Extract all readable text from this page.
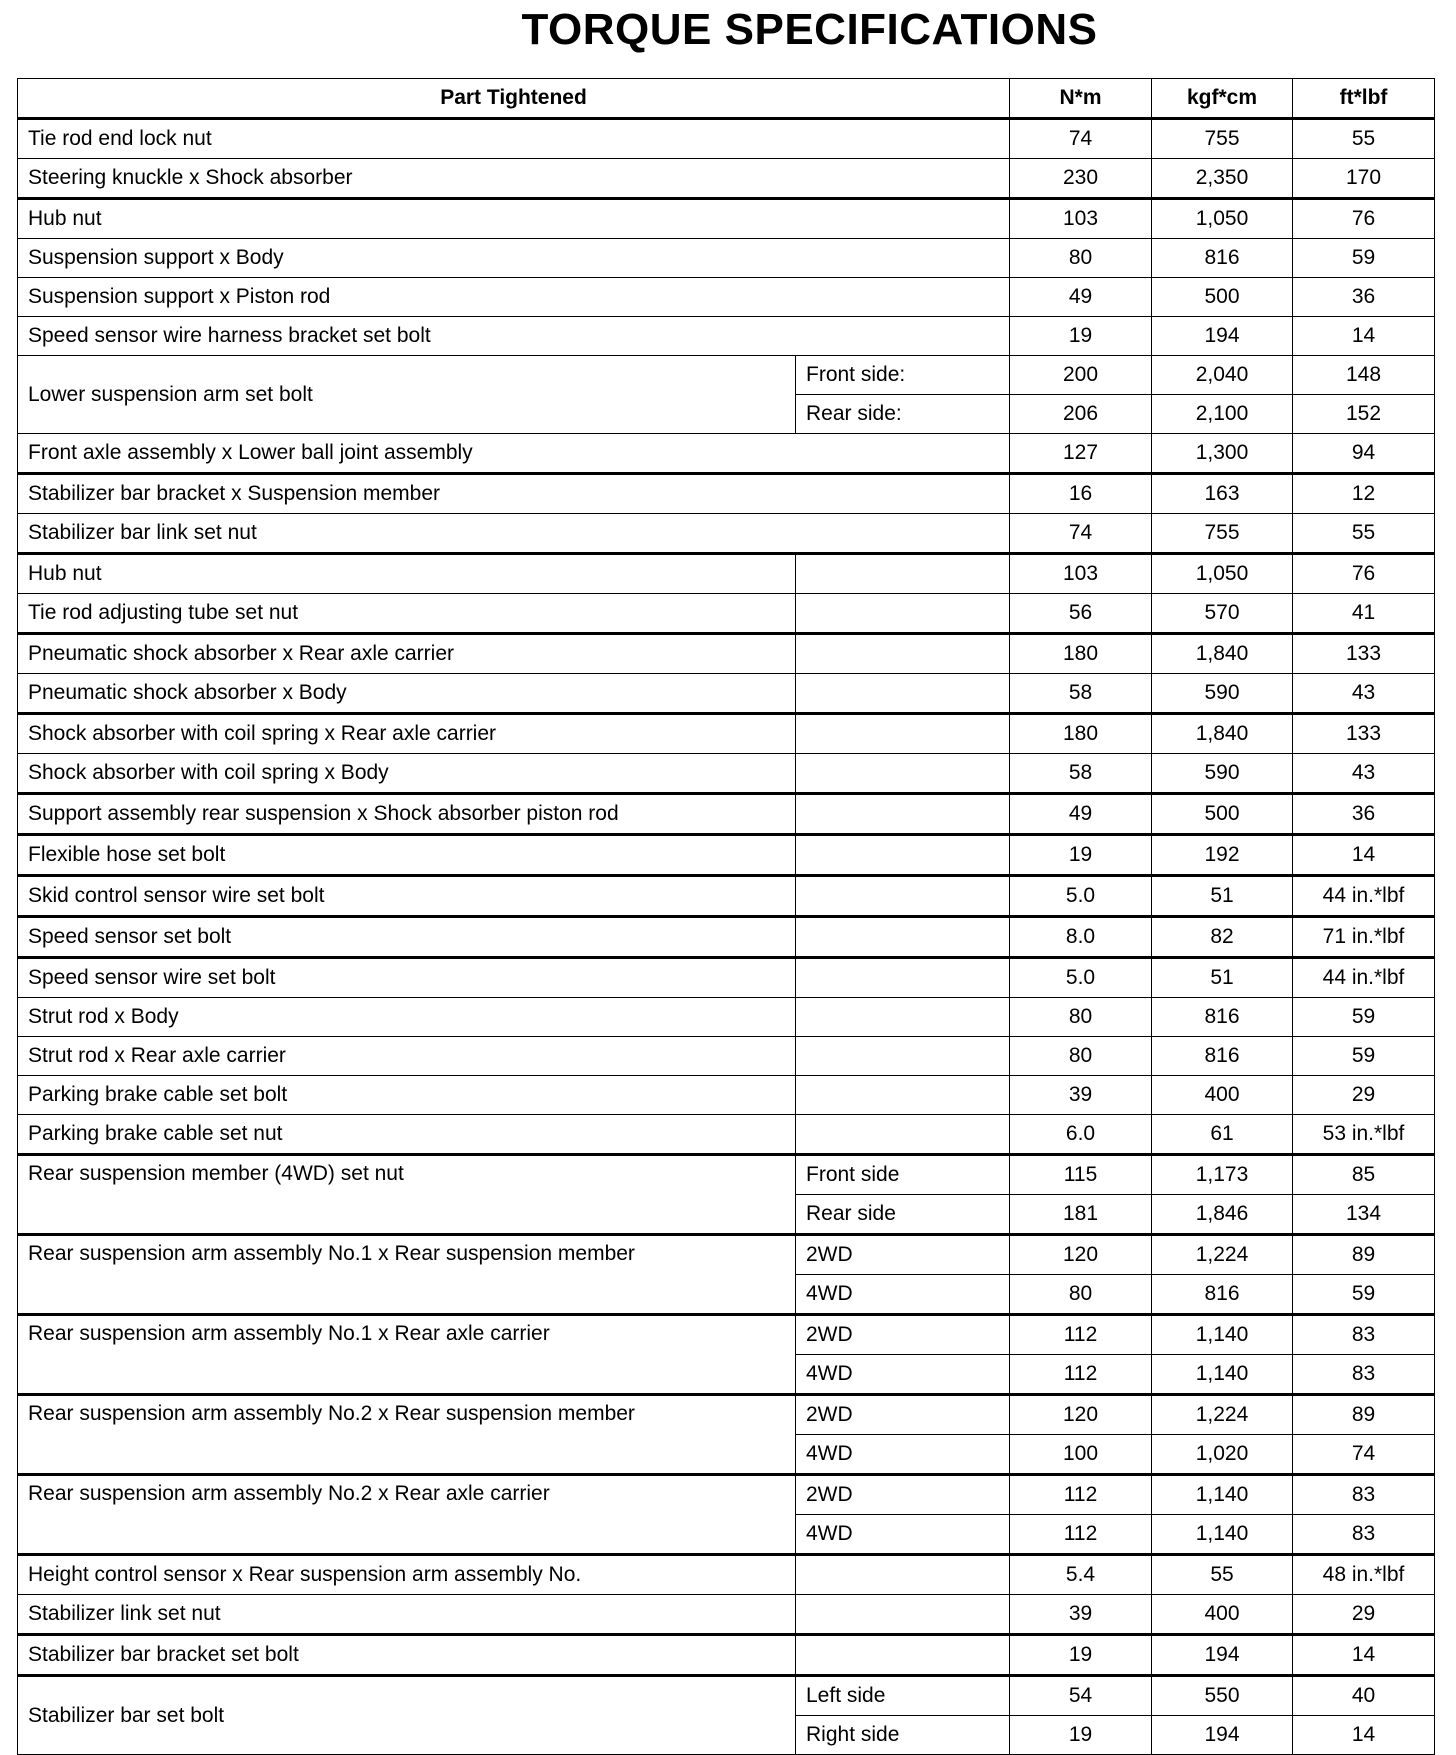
TORQUE SPECIFICATIONS
Part Tightened		N*m	kgf*cm	ft*lbf
Tie rod end lock nut		74	755	55
Steering knuckle x Shock absorber		230	2,350	170
Hub nut		103	1,050	76
Suspension support x Body		80	816	59
Suspension support x Piston rod		49	500	36
Speed sensor wire harness bracket set bolt		19	194	14
Lower suspension arm set bolt	Front side:	200	2,040	148
	Rear side:	206	2,100	152
Front axle assembly x Lower ball joint assembly		127	1,300	94
Stabilizer bar bracket x Suspension member		16	163	12
Stabilizer bar link set nut		74	755	55
Hub nut		103	1,050	76
Tie rod adjusting tube set nut		56	570	41
Pneumatic shock absorber x Rear axle carrier		180	1,840	133
Pneumatic shock absorber x Body		58	590	43
Shock absorber with coil spring x Rear axle carrier		180	1,840	133
Shock absorber with coil spring x Body		58	590	43
Support assembly rear suspension x Shock absorber piston rod		49	500	36
Flexible hose set bolt		19	192	14
Skid control sensor wire set bolt		5.0	51	44 in.*lbf
Speed sensor set bolt		8.0	82	71 in.*lbf
Speed sensor wire set bolt		5.0	51	44 in.*lbf
Strut rod x Body		80	816	59
Strut rod x Rear axle carrier		80	816	59
Parking brake cable set bolt		39	400	29
Parking brake cable set nut		6.0	61	53 in.*lbf
Rear suspension member (4WD) set nut	Front side	115	1,173	85
	Rear side	181	1,846	134
Rear suspension arm assembly No.1 x Rear suspension member	2WD	120	1,224	89
	4WD	80	816	59
Rear suspension arm assembly No.1 x Rear axle carrier	2WD	112	1,140	83
	4WD	112	1,140	83
Rear suspension arm assembly No.2 x Rear suspension member	2WD	120	1,224	89
	4WD	100	1,020	74
Rear suspension arm assembly No.2 x Rear axle carrier	2WD	112	1,140	83
	4WD	112	1,140	83
Height control sensor x Rear suspension arm assembly No.		5.4	55	48 in.*lbf
Stabilizer link set nut		39	400	29
Stabilizer bar bracket set bolt		19	194	14
Stabilizer bar set bolt	Left side	54	550	40
	Right side	19	194	14
